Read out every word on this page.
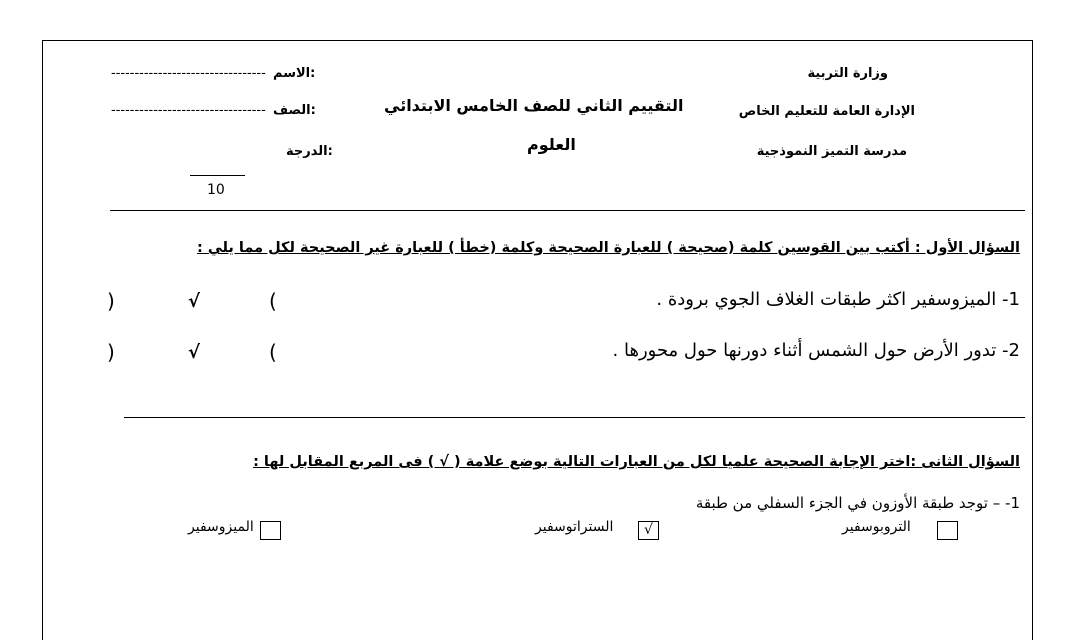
وزارة التربية
الإدارة العامة للتعليم الخاص
مدرسة التميز النموذجية
التقييم الثاني للصف الخامس الابتدائي
العلوم
الاسم:
---------------------------------
الصف:
---------------------------------
الدرجة:
10
السؤال الأول : أكتب بين القوسين كلمة (صحيحة ) للعبارة الصحيحة وكلمة (خطأ ) للعبارة غير الصحيحة لكل مما يلي :
1- الميزوسفير اكثر طبقات الغلاف الجوي برودة .
(
√
)
2- تدور الأرض حول الشمس أثناء دورنها حول محورها .
(
√
)
السؤال الثانى :اختر الإجابة الصحيحة علميا لكل من العبارات التالية بوضع علامة ( √ ) فى المربع المقابل لها :
1- – توجد طبقة الأوزون في الجزء السفلي من طبقة
التروبوسفير
الستراتوسفير	√
الميزوسفير
